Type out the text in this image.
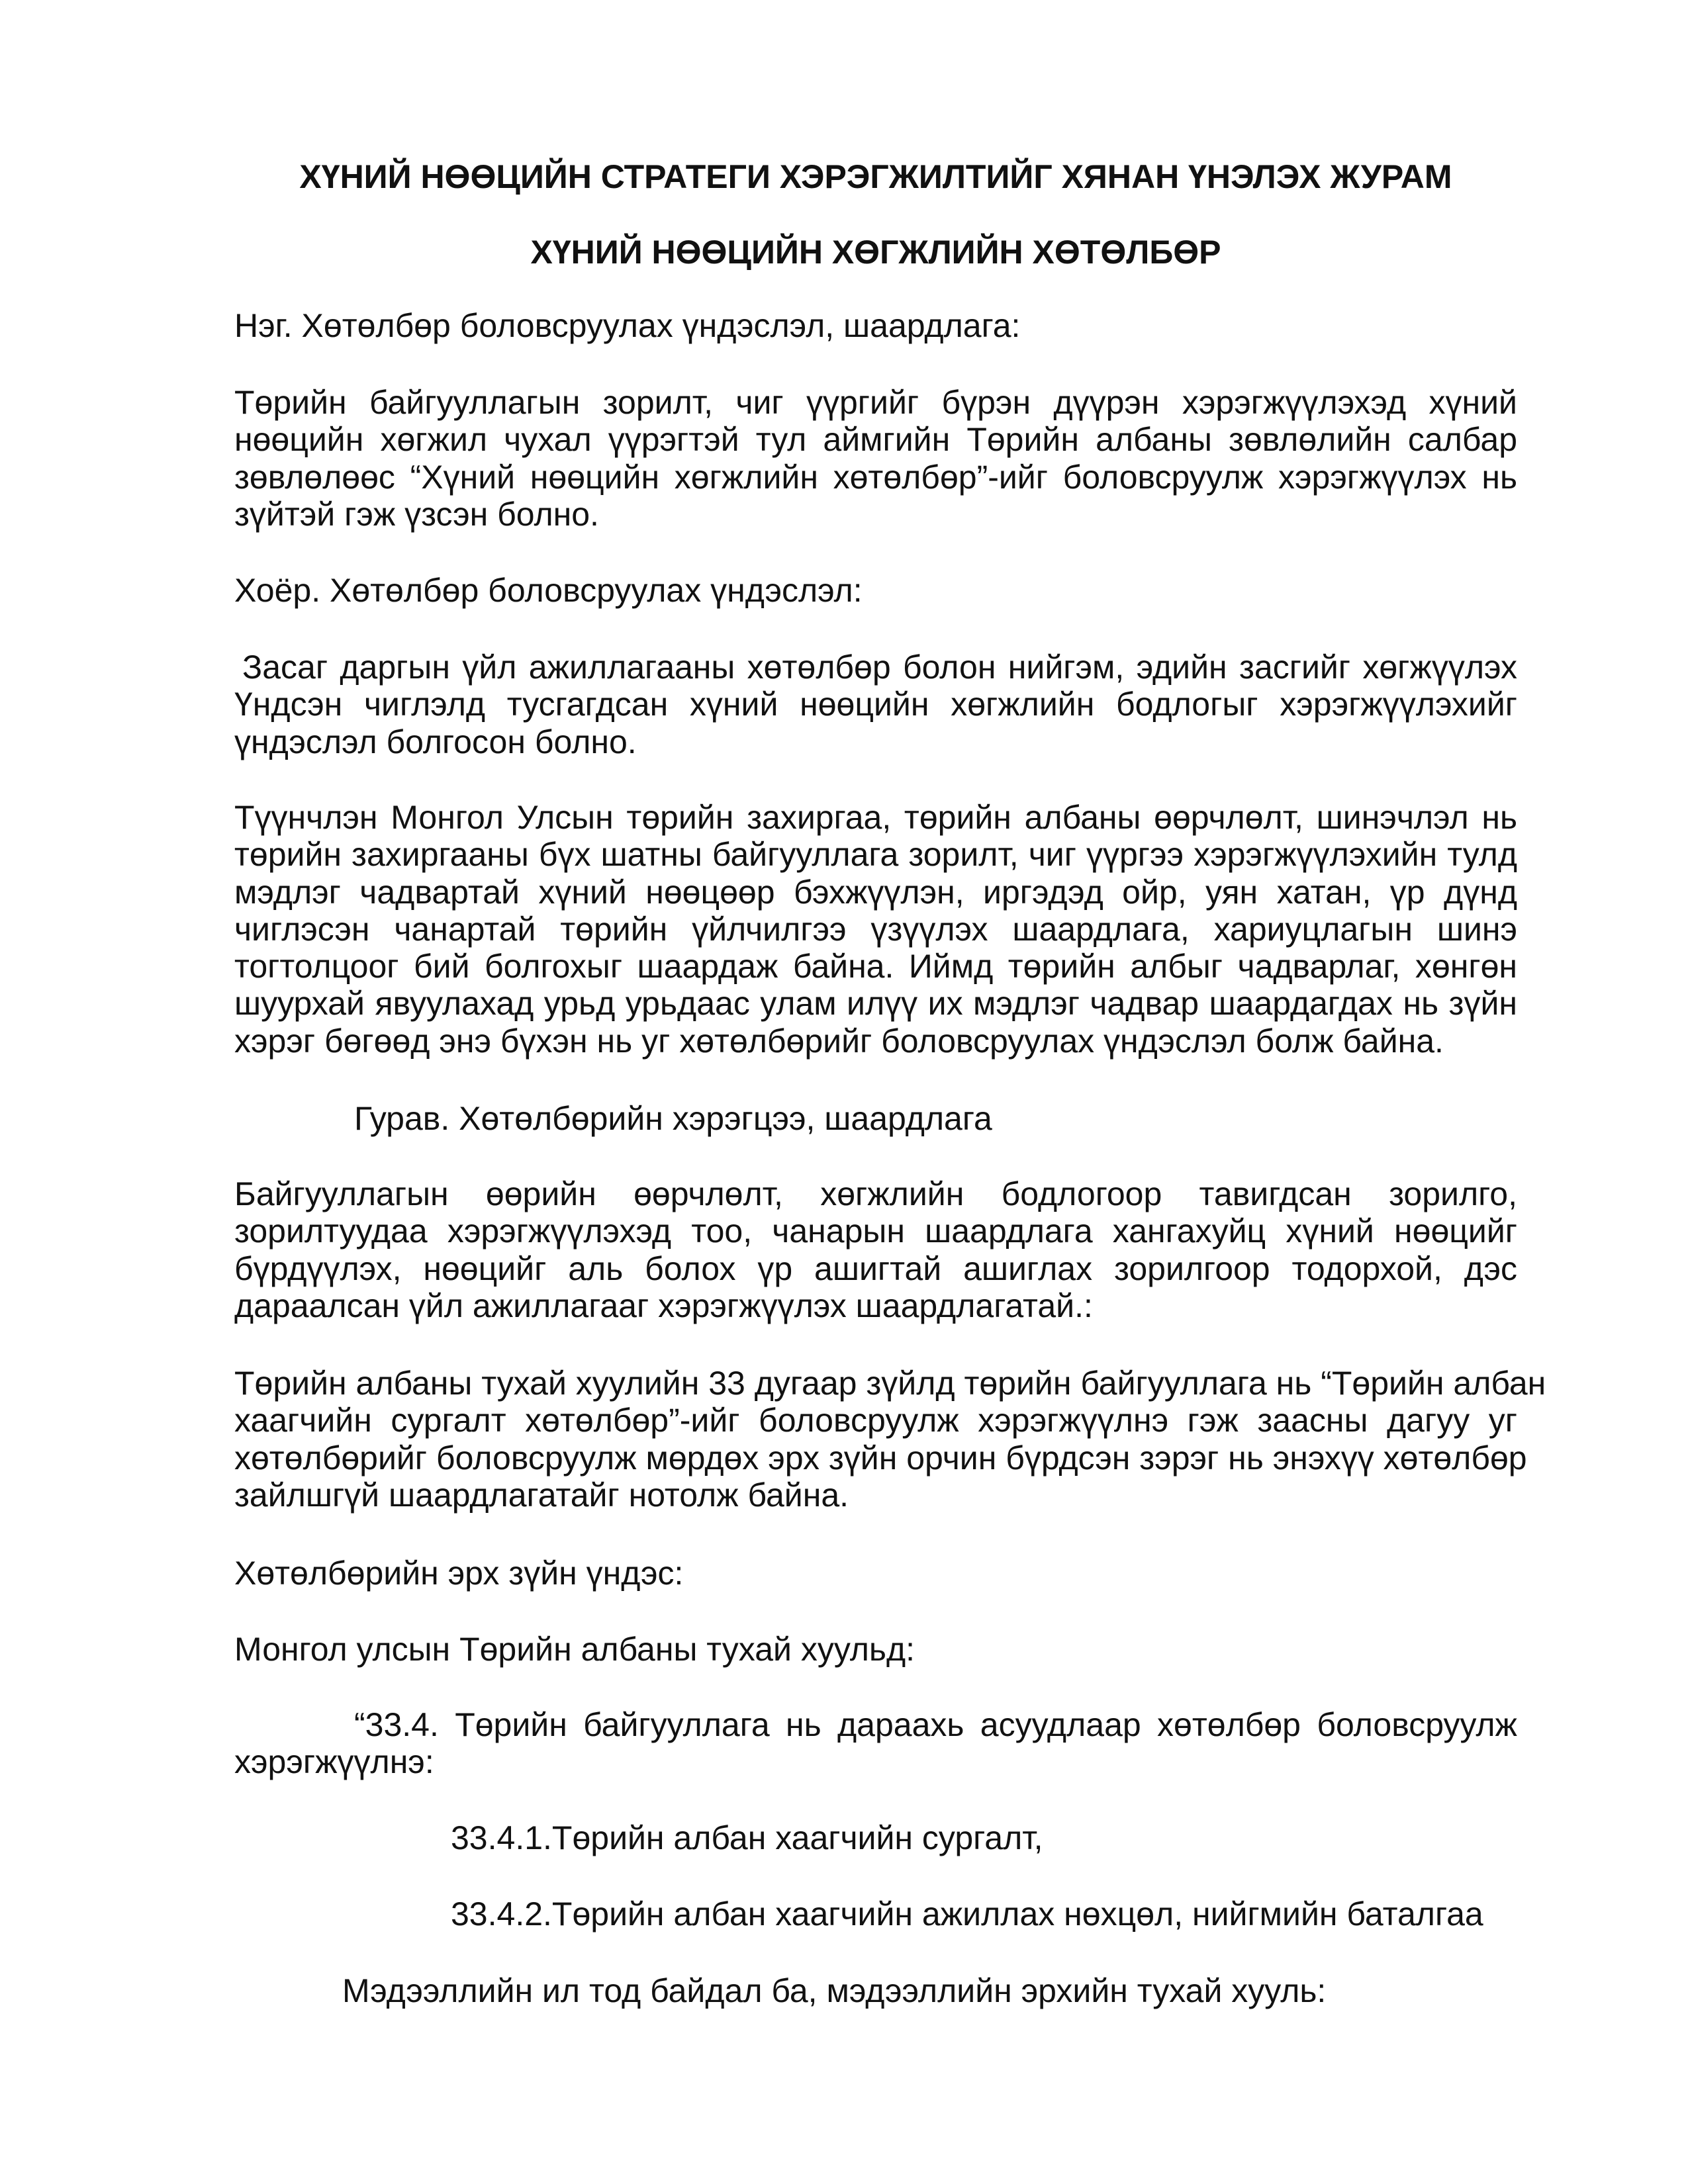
ХҮНИЙ НӨӨЦИЙН СТРАТЕГИ ХЭРЭГЖИЛТИЙГ ХЯНАН ҮНЭЛЭХ ЖУРАМ
ХҮНИЙ НӨӨЦИЙН ХӨГЖЛИЙН ХӨТӨЛБӨР
Нэг. Хөтөлбөр боловсруулах үндэслэл, шаардлага:
Төрийн байгууллагын зорилт, чиг үүргийг бүрэн дүүрэн хэрэгжүүлэхэд хүний
нөөцийн хөгжил чухал үүрэгтэй тул аймгийн Төрийн албаны зөвлөлийн салбар
зөвлөлөөс “Хүний нөөцийн хөгжлийн хөтөлбөр”-ийг боловсруулж хэрэгжүүлэх нь
зүйтэй гэж үзсэн болно.
Хоёр. Хөтөлбөр боловсруулах үндэслэл:
Засаг даргын үйл ажиллагааны хөтөлбөр болон нийгэм, эдийн засгийг хөгжүүлэх
Үндсэн чиглэлд тусгагдсан хүний нөөцийн хөгжлийн бодлогыг хэрэгжүүлэхийг
үндэслэл болгосон болно.
Түүнчлэн Монгол Улсын төрийн захиргаа, төрийн албаны өөрчлөлт, шинэчлэл нь
төрийн захиргааны бүх шатны байгууллага зорилт, чиг үүргээ хэрэгжүүлэхийн тулд
мэдлэг чадвартай хүний нөөцөөр бэхжүүлэн, иргэдэд ойр, уян хатан, үр дүнд
чиглэсэн чанартай төрийн үйлчилгээ үзүүлэх шаардлага, хариуцлагын шинэ
тогтолцоог бий болгохыг шаардаж байна. Иймд төрийн албыг чадварлаг, хөнгөн
шуурхай явуулахад урьд урьдаас улам илүү их мэдлэг чадвар шаардагдах нь зүйн
хэрэг бөгөөд энэ бүхэн нь уг хөтөлбөрийг боловсруулах үндэслэл болж байна.
Гурав. Хөтөлбөрийн хэрэгцээ, шаардлага
Байгууллагын өөрийн өөрчлөлт, хөгжлийн бодлогоор тавигдсан зорилго,
зорилтуудаа хэрэгжүүлэхэд тоо, чанарын шаардлага хангахуйц хүний нөөцийг
бүрдүүлэх, нөөцийг аль болох үр ашигтай ашиглах зорилгоор тодорхой, дэс
дараалсан үйл ажиллагааг хэрэгжүүлэх шаардлагатай.:
Төрийн албаны тухай хуулийн 33 дугаар зүйлд төрийн байгууллага нь “Төрийн албан
хаагчийн сургалт хөтөлбөр”-ийг боловсруулж хэрэгжүүлнэ гэж заасны дагуу уг
хөтөлбөрийг боловсруулж мөрдөх эрх зүйн орчин бүрдсэн зэрэг нь энэхүү хөтөлбөр
зайлшгүй шаардлагатайг нотолж байна.
Хөтөлбөрийн эрх зүйн үндэс:
Монгол улсын Төрийн албаны тухай хуульд:
“33.4. Төрийн байгууллага нь дараахь асуудлаар хөтөлбөр боловсруулж
хэрэгжүүлнэ:
33.4.1.Төрийн албан хаагчийн сургалт,
33.4.2.Төрийн албан хаагчийн ажиллах нөхцөл, нийгмийн баталгаа
Мэдээллийн ил тод байдал ба, мэдээллийн эрхийн тухай хууль:
